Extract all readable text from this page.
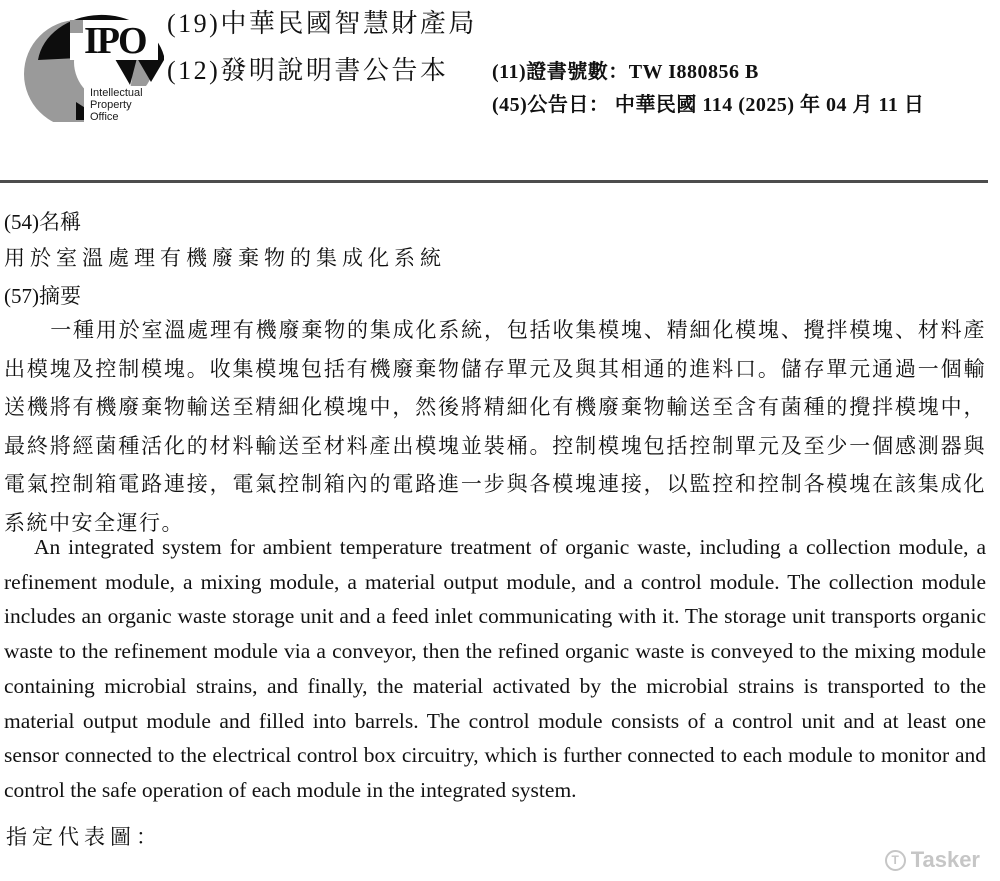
IPO
Intellectual Property Office
(19)中華民國智慧財產局
(12)發明說明書公告本 (11)證書號數：TW I880856 B
(45)公告日： 中華民國 114 (2025) 年 04 月 11 日
(54)名稱
用於室溫處理有機廢棄物的集成化系統
(57)摘要
一種用於室溫處理有機廢棄物的集成化系統，包括收集模塊、精細化模塊、攪拌模塊、材料產出模塊及控制模塊。收集模塊包括有機廢棄物儲存單元及與其相通的進料口。儲存單元通過一個輸送機將有機廢棄物輸送至精細化模塊中，然後將精細化有機廢棄物輸送至含有菌種的攪拌模塊中，最終將經菌種活化的材料輸送至材料產出模塊並裝桶。控制模塊包括控制單元及至少一個感測器與電氣控制箱電路連接，電氣控制箱內的電路進一步與各模塊連接，以監控和控制各模塊在該集成化系統中安全運行。
An integrated system for ambient temperature treatment of organic waste, including a collection module, a refinement module, a mixing module, a material output module, and a control module. The collection module includes an organic waste storage unit and a feed inlet communicating with it. The storage unit transports organic waste to the refinement module via a conveyor, then the refined organic waste is conveyed to the mixing module containing microbial strains, and finally, the material activated by the microbial strains is transported to the material output module and filled into barrels. The control module consists of a control unit and at least one sensor connected to the electrical control box circuitry, which is further connected to each module to monitor and control the safe operation of each module in the integrated system.
指定代表圖：
T Tasker
